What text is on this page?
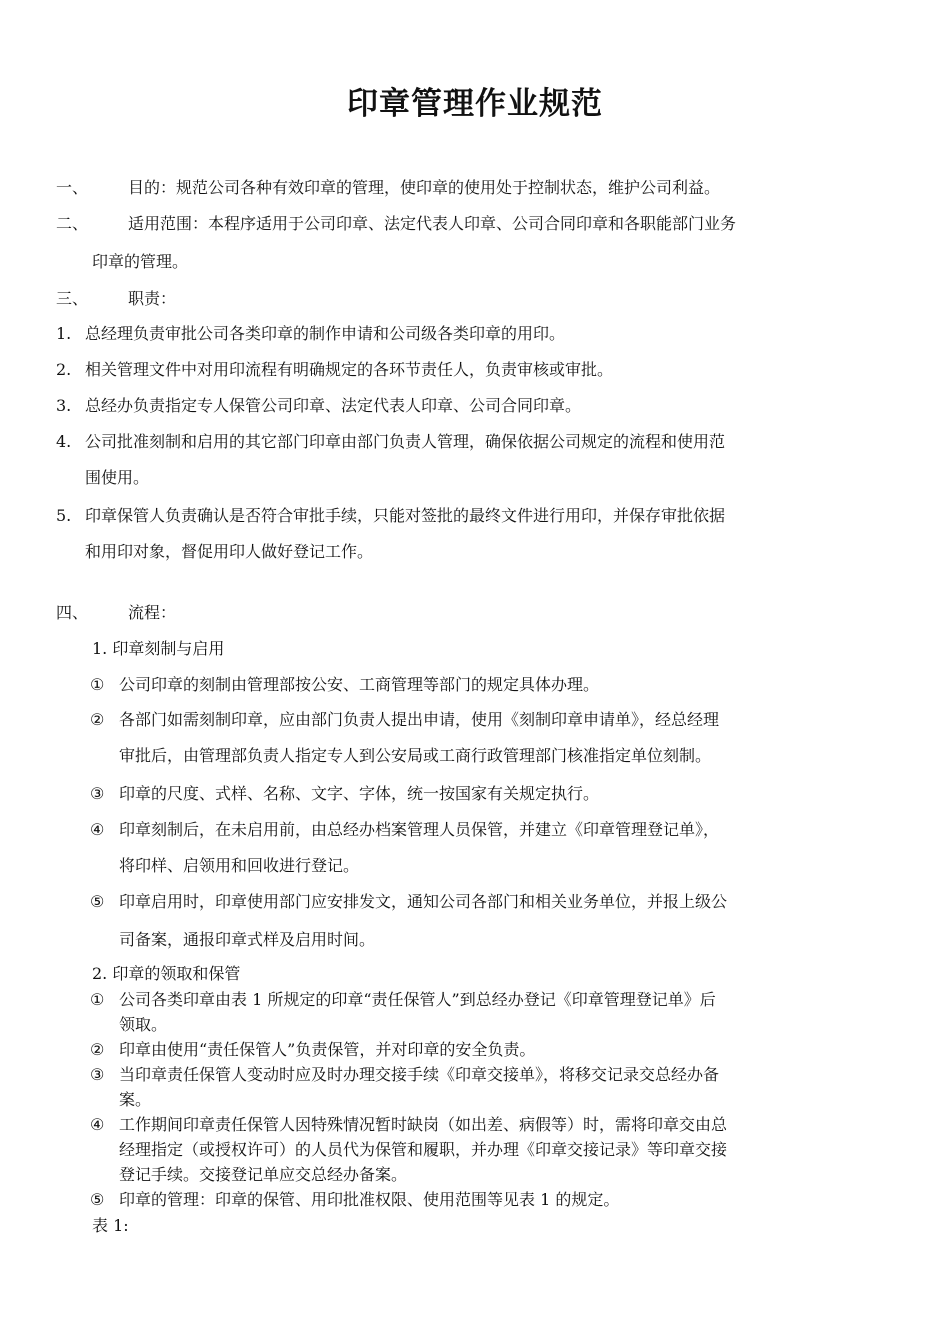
印章管理作业规范
一、 目的：规范公司各种有效印章的管理，使印章的使用处于控制状态，维护公司利益。
二、 适用范围：本程序适用于公司印章、法定代表人印章、公司合同印章和各职能部门业务
印章的管理。
三、 职责：
1. 总经理负责审批公司各类印章的制作申请和公司级各类印章的用印。
2. 相关管理文件中对用印流程有明确规定的各环节责任人，负责审核或审批。
3. 总经办负责指定专人保管公司印章、法定代表人印章、公司合同印章。
4. 公司批准刻制和启用的其它部门印章由部门负责人管理，确保依据公司规定的流程和使用范
围使用。
5. 印章保管人负责确认是否符合审批手续，只能对签批的最终文件进行用印，并保存审批依据
和用印对象，督促用印人做好登记工作。
四、 流程：
1. 印章刻制与启用
① 公司印章的刻制由管理部按公安、工商管理等部门的规定具体办理。
② 各部门如需刻制印章，应由部门负责人提出申请，使用《刻制印章申请单》，经总经理
审批后，由管理部负责人指定专人到公安局或工商行政管理部门核准指定单位刻制。
③ 印章的尺度、式样、名称、文字、字体，统一按国家有关规定执行。
④ 印章刻制后，在未启用前，由总经办档案管理人员保管，并建立《印章管理登记单》，
将印样、启领用和回收进行登记。
⑤ 印章启用时，印章使用部门应安排发文，通知公司各部门和相关业务单位，并报上级公
司备案，通报印章式样及启用时间。
2. 印章的领取和保管
① 公司各类印章由表 1 所规定的印章“责任保管人”到总经办登记《印章管理登记单》后
领取。
② 印章由使用“责任保管人”负责保管，并对印章的安全负责。
③ 当印章责任保管人变动时应及时办理交接手续《印章交接单》，将移交记录交总经办备
案。
④ 工作期间印章责任保管人因特殊情况暂时缺岗（如出差、病假等）时，需将印章交由总
经理指定（或授权许可）的人员代为保管和履职，并办理《印章交接记录》等印章交接
登记手续。交接登记单应交总经办备案。
⑤ 印章的管理：印章的保管、用印批准权限、使用范围等见表 1 的规定。
表 1:
